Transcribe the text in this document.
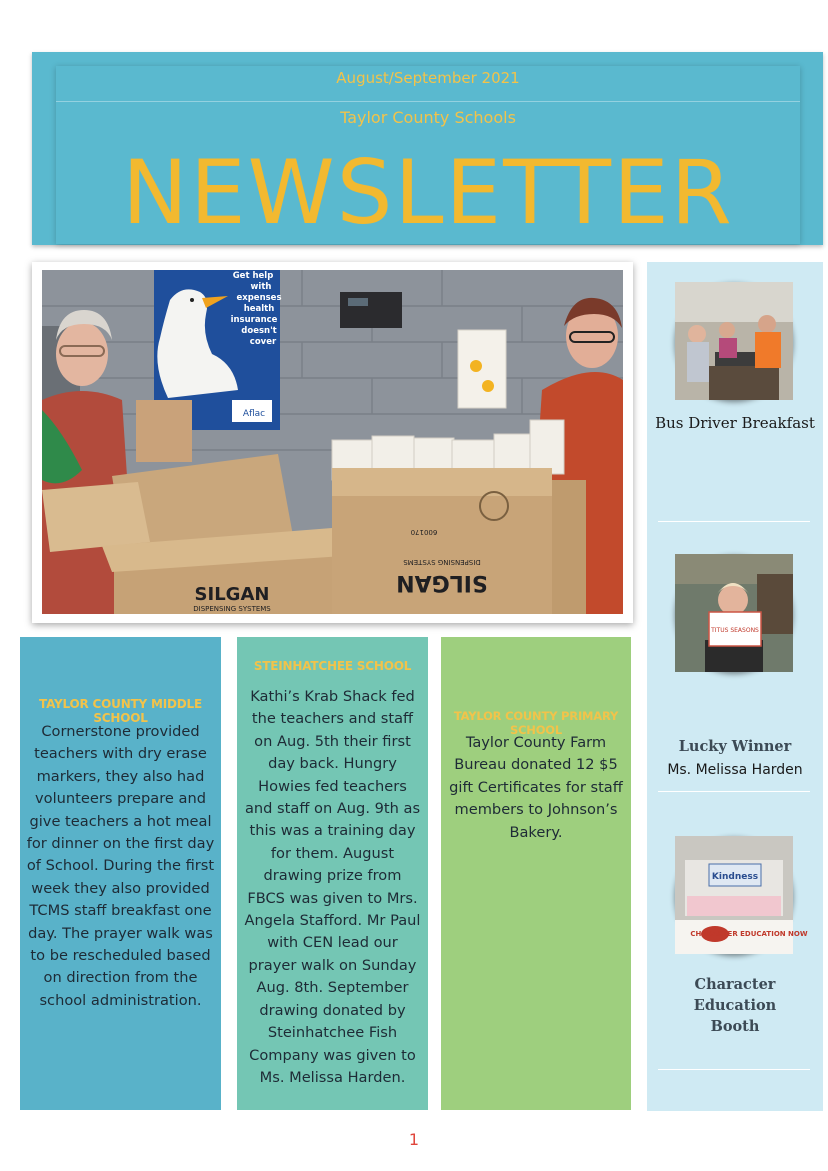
August/September 2021
Taylor County Schools
NEWSLETTER
Aflac
Get help
with
expenses
health
insurance
doesn't
cover
SILGAN
DISPENSING SYSTEMS
600170
SILGAN
DISPENSING SYSTEMS
Bus Driver Breakfast
TITUS SEASONS
Lucky Winner
Ms. Melissa Harden
Kindness
CHARACTER EDUCATION NOW
Character Education Booth
TAYLOR COUNTY MIDDLE SCHOOL
Cornerstone provided teachers with dry erase markers, they also had volunteers prepare and give teachers a hot meal for dinner on the first day of School. During the first week they also provided TCMS staff breakfast one day. The prayer walk was to be rescheduled based on direction from the school administration.
STEINHATCHEE SCHOOL
Kathi’s Krab Shack fed the teachers and staff on Aug. 5th their first day back. Hungry Howies fed teachers and staff on Aug. 9th as this was a training day for them. August drawing prize from FBCS was given to Mrs. Angela Stafford. Mr Paul with CEN lead our prayer walk on Sunday Aug. 8th. September drawing donated by Steinhatchee Fish Company was given to Ms. Melissa Harden.
TAYLOR COUNTY PRIMARY SCHOOL
Taylor County Farm Bureau donated 12 $5 gift Certificates for staff members to Johnson’s Bakery.
1
